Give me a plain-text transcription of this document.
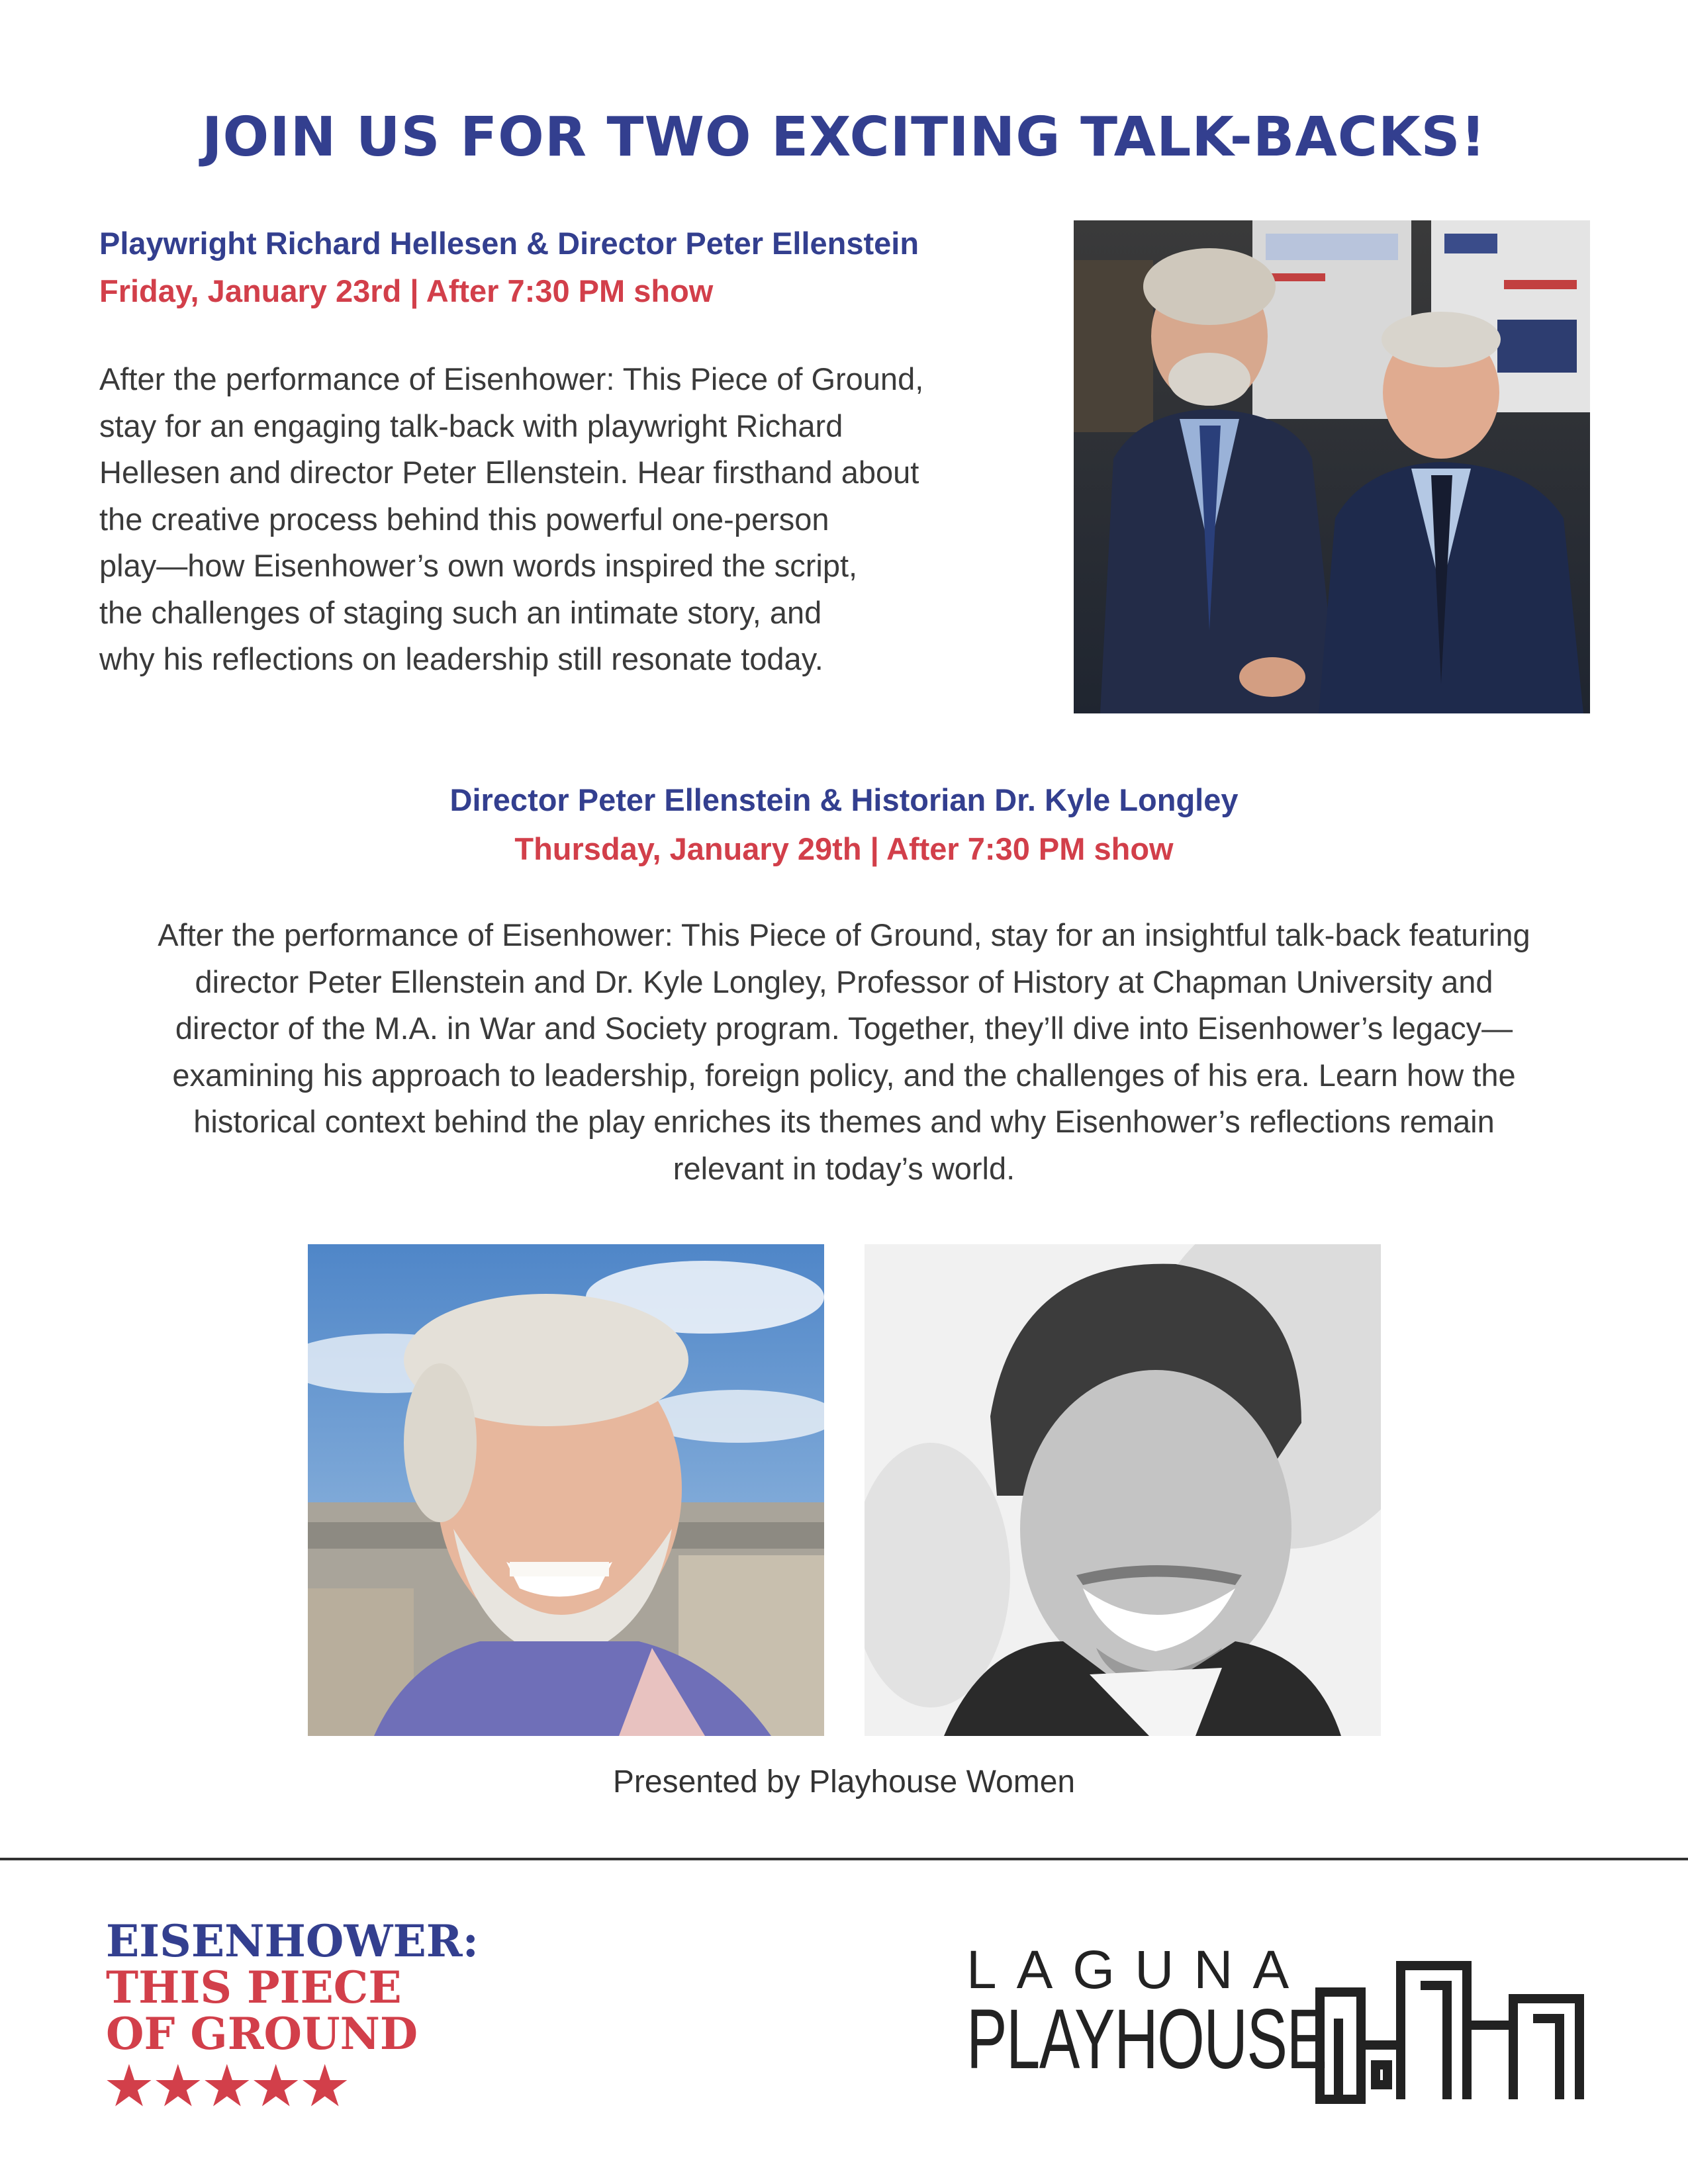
JOIN US FOR TWO EXCITING TALK-BACKS!
Playwright Richard Hellesen & Director Peter Ellenstein
Friday, January 23rd | After 7:30 PM show
After the performance of Eisenhower: This Piece of Ground,
stay for an engaging talk-back with playwright Richard
Hellesen and director Peter Ellenstein. Hear firsthand about
the creative process behind this powerful one-person
play—how Eisenhower’s own words inspired the script,
the challenges of staging such an intimate story, and
why his reflections on leadership still resonate today.
Director Peter Ellenstein & Historian Dr. Kyle Longley
Thursday, January 29th | After 7:30 PM show
After the performance of Eisenhower: This Piece of Ground, stay for an insightful talk-back featuring
director Peter Ellenstein and Dr. Kyle Longley, Professor of History at Chapman University and
director of the M.A. in War and Society program. Together, they’ll dive into Eisenhower’s legacy—
examining his approach to leadership, foreign policy, and the challenges of his era. Learn how the
historical context behind the play enriches its themes and why Eisenhower’s reflections remain
relevant in today’s world.
Presented by Playhouse Women
EISENHOWER:
THIS PIECE
OF GROUND
★★★★★
LAGUNA
PLAYHOUSE
